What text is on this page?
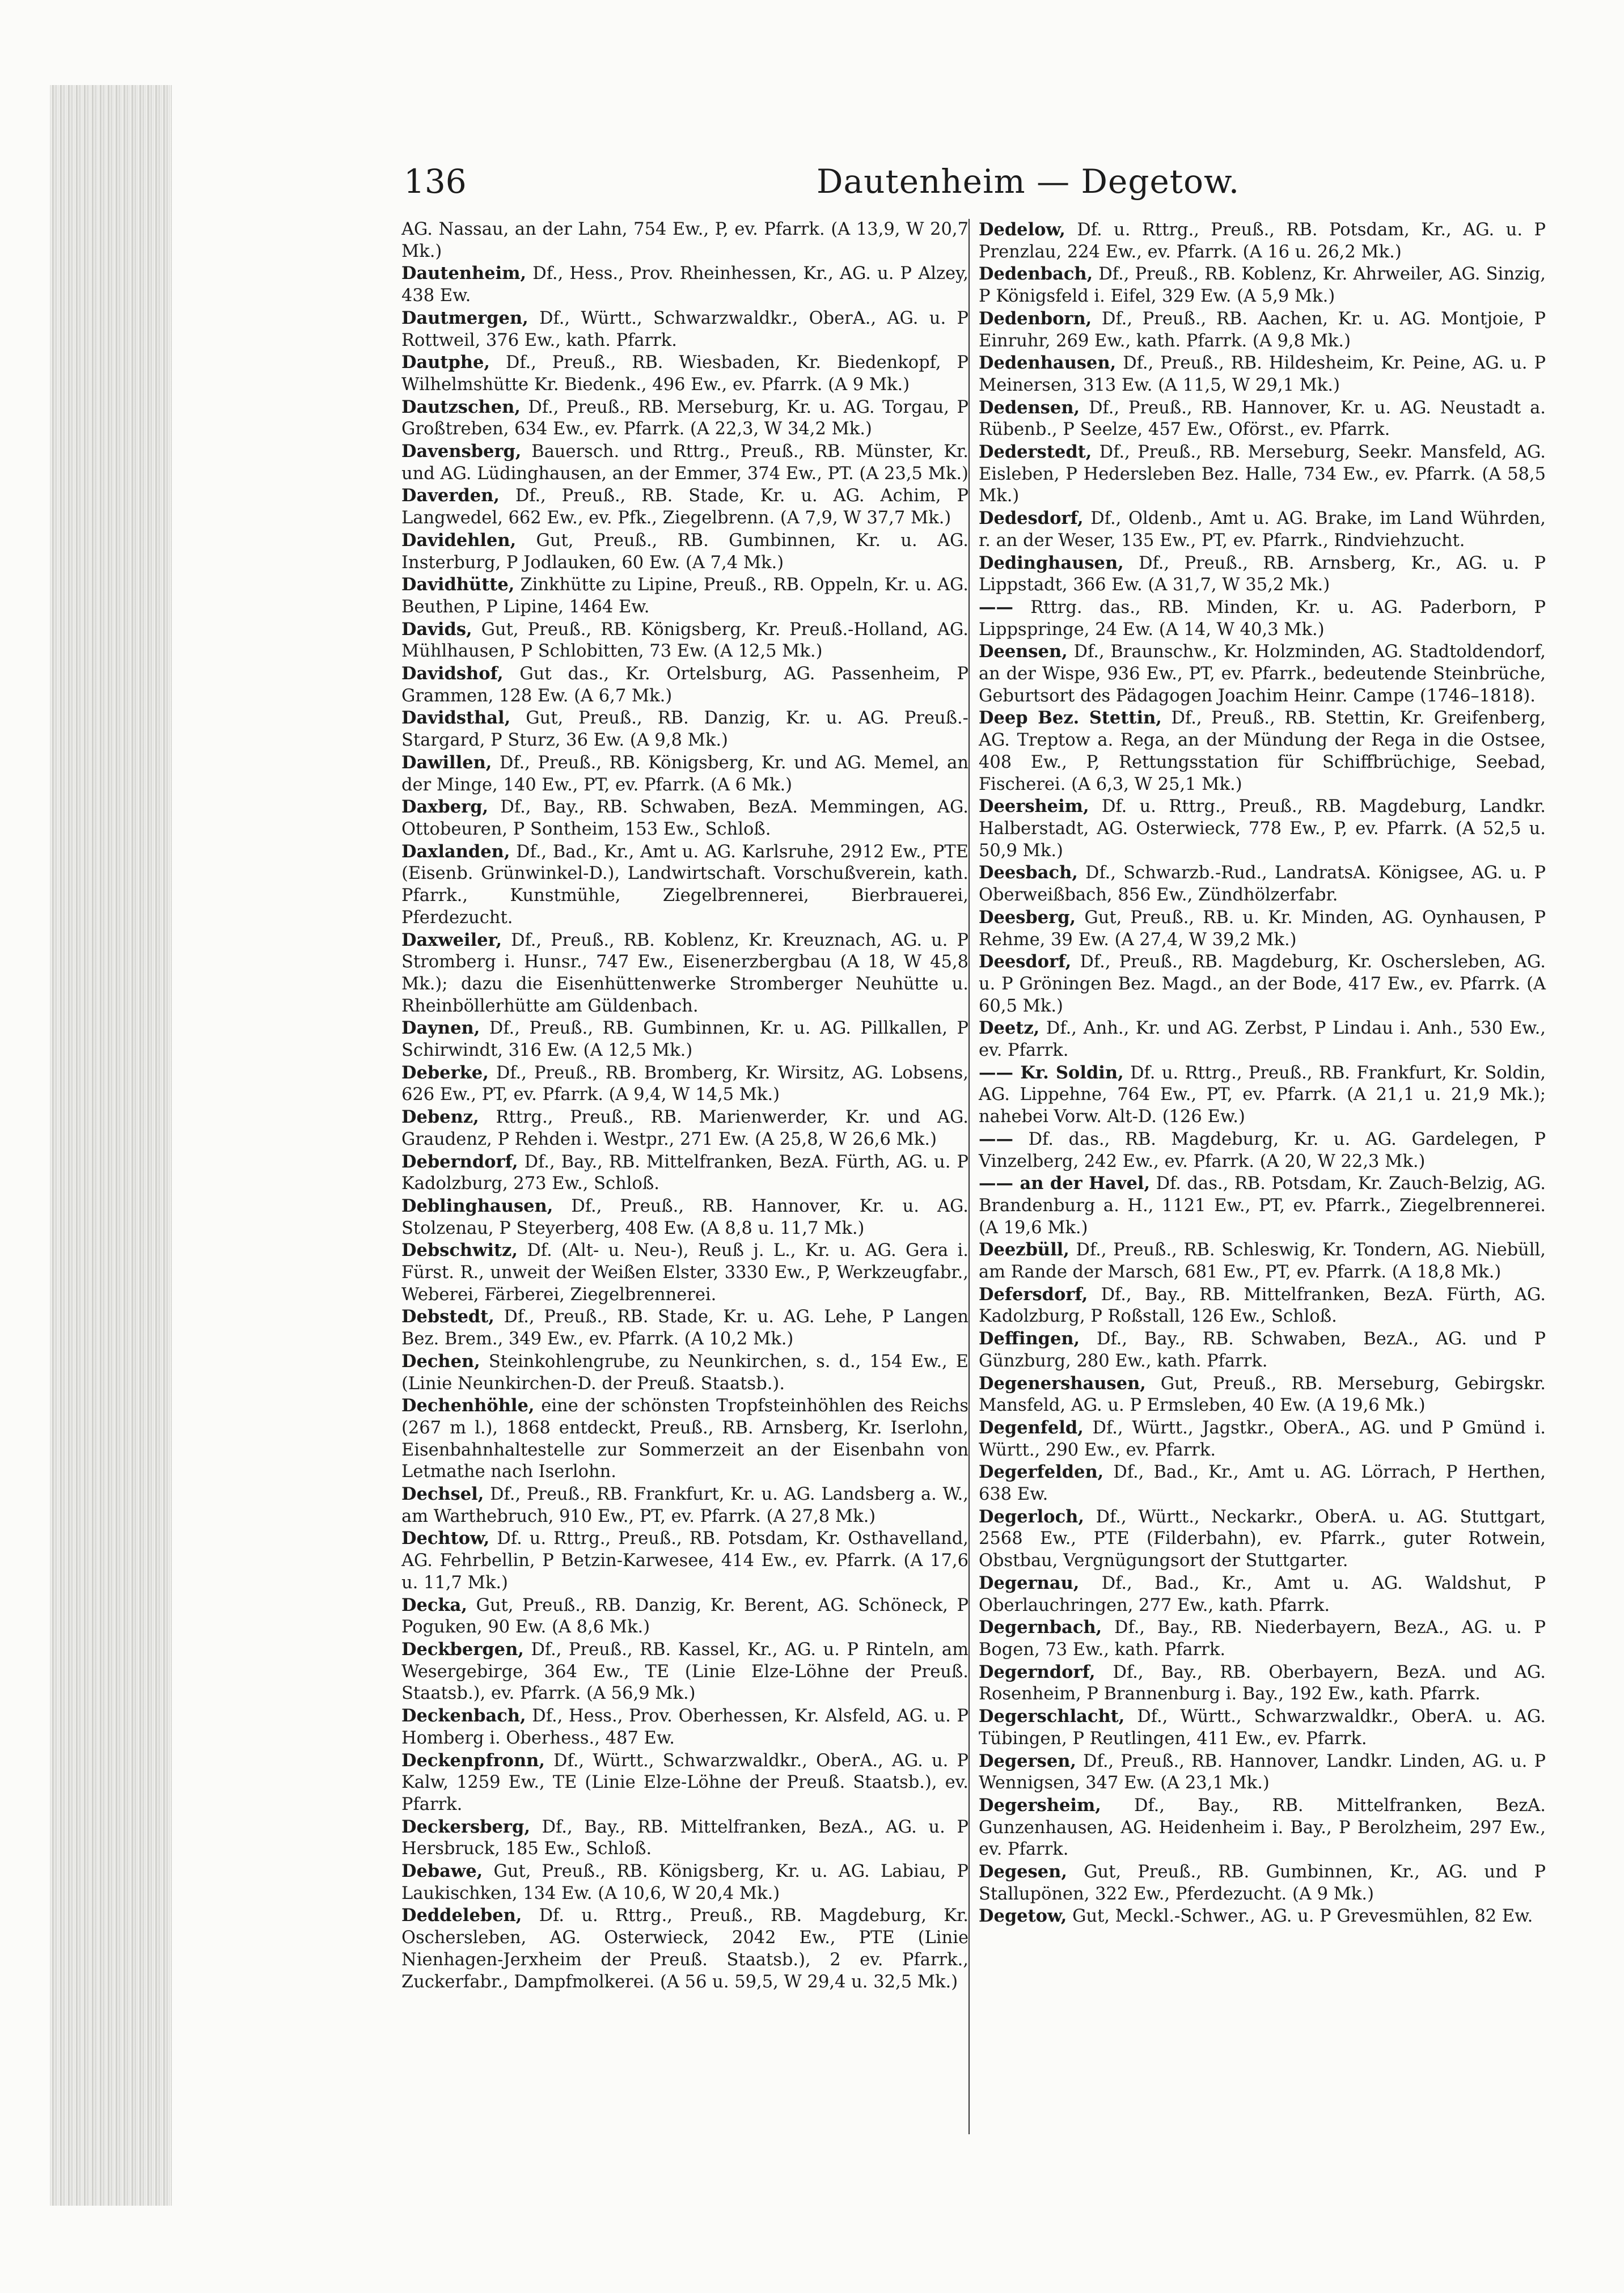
136	Dautenheim — Degetow.

AG. Nassau, an der Lahn, 754 Ew., P, ev. Pfarrk. (A 13,9, W 20,7 Mk.)

Dautenheim, Df., Hess., Prov. Rheinhessen, Kr., AG. u. P Alzey, 438 Ew.

Dautmergen, Df., Württ., Schwarzwaldkr., OberA., AG. u. P Rottweil, 376 Ew., kath. Pfarrk.

Dautphe, Df., Preuß., RB. Wiesbaden, Kr. Biedenkopf, P Wilhelmshütte Kr. Biedenk., 496 Ew., ev. Pfarrk. (A 9 Mk.)

Dautzschen, Df., Preuß., RB. Merseburg, Kr. u. AG. Torgau, P Großtreben, 634 Ew., ev. Pfarrk. (A 22,3, W 34,2 Mk.)

Davensberg, Bauersch. und Rttrg., Preuß., RB. Münster, Kr. und AG. Lüdinghausen, an der Emmer, 374 Ew., PT. (A 23,5 Mk.)

Daverden, Df., Preuß., RB. Stade, Kr. u. AG. Achim, P Langwedel, 662 Ew., ev. Pfk., Ziegelbrenn. (A 7,9, W 37,7 Mk.)

Davidehlen, Gut, Preuß., RB. Gumbinnen, Kr. u. AG. Insterburg, P Jodlauken, 60 Ew. (A 7,4 Mk.)

Davidhütte, Zinkhütte zu Lipine, Preuß., RB. Oppeln, Kr. u. AG. Beuthen, P Lipine, 1464 Ew.

Davids, Gut, Preuß., RB. Königsberg, Kr. Preuß.-Holland, AG. Mühlhausen, P Schlobitten, 73 Ew. (A 12,5 Mk.)

Davidshof, Gut das., Kr. Ortelsburg, AG. Passenheim, P Grammen, 128 Ew. (A 6,7 Mk.)

Davidsthal, Gut, Preuß., RB. Danzig, Kr. u. AG. Preuß.-Stargard, P Sturz, 36 Ew. (A 9,8 Mk.)

Dawillen, Df., Preuß., RB. Königsberg, Kr. und AG. Memel, an der Minge, 140 Ew., PT, ev. Pfarrk. (A 6 Mk.)

Daxberg, Df., Bay., RB. Schwaben, BezA. Memmingen, AG. Ottobeuren, P Sontheim, 153 Ew., Schloß.

Daxlanden, Df., Bad., Kr., Amt u. AG. Karlsruhe, 2912 Ew., PTE (Eisenb. Grünwinkel-D.), Landwirtschaft. Vorschußverein, kath. Pfarrk., Kunstmühle, Ziegelbrennerei, Bierbrauerei, Pferdezucht.

Daxweiler, Df., Preuß., RB. Koblenz, Kr. Kreuznach, AG. u. P Stromberg i. Hunsr., 747 Ew., Eisenerzbergbau (A 18, W 45,8 Mk.); dazu die Eisenhüttenwerke Stromberger Neuhütte u. Rheinböllerhütte am Güldenbach.

Daynen, Df., Preuß., RB. Gumbinnen, Kr. u. AG. Pillkallen, P Schirwindt, 316 Ew. (A 12,5 Mk.)

Deberke, Df., Preuß., RB. Bromberg, Kr. Wirsitz, AG. Lobsens, 626 Ew., PT, ev. Pfarrk. (A 9,4, W 14,5 Mk.)

Debenz, Rttrg., Preuß., RB. Marienwerder, Kr. und AG. Graudenz, P Rehden i. Westpr., 271 Ew. (A 25,8, W 26,6 Mk.)

Deberndorf, Df., Bay., RB. Mittelfranken, BezA. Fürth, AG. u. P Kadolzburg, 273 Ew., Schloß.

Deblinghausen, Df., Preuß., RB. Hannover, Kr. u. AG. Stolzenau, P Steyerberg, 408 Ew. (A 8,8 u. 11,7 Mk.)

Debschwitz, Df. (Alt- u. Neu-), Reuß j. L., Kr. u. AG. Gera i. Fürst. R., unweit der Weißen Elster, 3330 Ew., P, Werkzeugfabr., Weberei, Färberei, Ziegelbrennerei.

Debstedt, Df., Preuß., RB. Stade, Kr. u. AG. Lehe, P Langen Bez. Brem., 349 Ew., ev. Pfarrk. (A 10,2 Mk.)

Dechen, Steinkohlengrube, zu Neunkirchen, s. d., 154 Ew., E (Linie Neunkirchen-D. der Preuß. Staatsb.).

Dechenhöhle, eine der schönsten Tropfsteinhöhlen des Reichs (267 m l.), 1868 entdeckt, Preuß., RB. Arnsberg, Kr. Iserlohn, Eisenbahnhaltestelle zur Sommerzeit an der Eisenbahn von Letmathe nach Iserlohn.

Dechsel, Df., Preuß., RB. Frankfurt, Kr. u. AG. Landsberg a. W., am Warthebruch, 910 Ew., PT, ev. Pfarrk. (A 27,8 Mk.)

Dechtow, Df. u. Rttrg., Preuß., RB. Potsdam, Kr. Osthavelland, AG. Fehrbellin, P Betzin-Karwesee, 414 Ew., ev. Pfarrk. (A 17,6 u. 11,7 Mk.)

Decka, Gut, Preuß., RB. Danzig, Kr. Berent, AG. Schöneck, P Poguken, 90 Ew. (A 8,6 Mk.)

Deckbergen, Df., Preuß., RB. Kassel, Kr., AG. u. P Rinteln, am Wesergebirge, 364 Ew., TE (Linie Elze-Löhne der Preuß. Staatsb.), ev. Pfarrk. (A 56,9 Mk.)

Deckenbach, Df., Hess., Prov. Oberhessen, Kr. Alsfeld, AG. u. P Homberg i. Oberhess., 487 Ew.

Deckenpfronn, Df., Württ., Schwarzwaldkr., OberA., AG. u. P Kalw, 1259 Ew., TE (Linie Elze-Löhne der Preuß. Staatsb.), ev. Pfarrk.

Deckersberg, Df., Bay., RB. Mittelfranken, BezA., AG. u. P Hersbruck, 185 Ew., Schloß.

Debawe, Gut, Preuß., RB. Königsberg, Kr. u. AG. Labiau, P Laukischken, 134 Ew. (A 10,6, W 20,4 Mk.)

Deddeleben, Df. u. Rttrg., Preuß., RB. Magdeburg, Kr. Oschersleben, AG. Osterwieck, 2042 Ew., PTE (Linie Nienhagen-Jerxheim der Preuß. Staatsb.), 2 ev. Pfarrk., Zuckerfabr., Dampfmolkerei. (A 56 u. 59,5, W 29,4 u. 32,5 Mk.)

Dedelow, Df. u. Rttrg., Preuß., RB. Potsdam, Kr., AG. u. P Prenzlau, 224 Ew., ev. Pfarrk. (A 16 u. 26,2 Mk.)

Dedenbach, Df., Preuß., RB. Koblenz, Kr. Ahrweiler, AG. Sinzig, P Königsfeld i. Eifel, 329 Ew. (A 5,9 Mk.)

Dedenborn, Df., Preuß., RB. Aachen, Kr. u. AG. Montjoie, P Einruhr, 269 Ew., kath. Pfarrk. (A 9,8 Mk.)

Dedenhausen, Df., Preuß., RB. Hildesheim, Kr. Peine, AG. u. P Meinersen, 313 Ew. (A 11,5, W 29,1 Mk.)

Dedensen, Df., Preuß., RB. Hannover, Kr. u. AG. Neustadt a. Rübenb., P Seelze, 457 Ew., Oförst., ev. Pfarrk.

Dederstedt, Df., Preuß., RB. Merseburg, Seekr. Mansfeld, AG. Eisleben, P Hedersleben Bez. Halle, 734 Ew., ev. Pfarrk. (A 58,5 Mk.)

Dedesdorf, Df., Oldenb., Amt u. AG. Brake, im Land Wührden, r. an der Weser, 135 Ew., PT, ev. Pfarrk., Rindviehzucht.

Dedinghausen, Df., Preuß., RB. Arnsberg, Kr., AG. u. P Lippstadt, 366 Ew. (A 31,7, W 35,2 Mk.)

—— Rttrg. das., RB. Minden, Kr. u. AG. Paderborn, P Lippspringe, 24 Ew. (A 14, W 40,3 Mk.)

Deensen, Df., Braunschw., Kr. Holzminden, AG. Stadtoldendorf, an der Wispe, 936 Ew., PT, ev. Pfarrk., bedeutende Steinbrüche, Geburtsort des Pädagogen Joachim Heinr. Campe (1746–1818).

Deep Bez. Stettin, Df., Preuß., RB. Stettin, Kr. Greifenberg, AG. Treptow a. Rega, an der Mündung der Rega in die Ostsee, 408 Ew., P, Rettungsstation für Schiffbrüchige, Seebad, Fischerei. (A 6,3, W 25,1 Mk.)

Deersheim, Df. u. Rttrg., Preuß., RB. Magdeburg, Landkr. Halberstadt, AG. Osterwieck, 778 Ew., P, ev. Pfarrk. (A 52,5 u. 50,9 Mk.)

Deesbach, Df., Schwarzb.-Rud., LandratsA. Königsee, AG. u. P Oberweißbach, 856 Ew., Zündhölzerfabr.

Deesberg, Gut, Preuß., RB. u. Kr. Minden, AG. Oynhausen, P Rehme, 39 Ew. (A 27,4, W 39,2 Mk.)

Deesdorf, Df., Preuß., RB. Magdeburg, Kr. Oschersleben, AG. u. P Gröningen Bez. Magd., an der Bode, 417 Ew., ev. Pfarrk. (A 60,5 Mk.)

Deetz, Df., Anh., Kr. und AG. Zerbst, P Lindau i. Anh., 530 Ew., ev. Pfarrk.

—— Kr. Soldin, Df. u. Rttrg., Preuß., RB. Frankfurt, Kr. Soldin, AG. Lippehne, 764 Ew., PT, ev. Pfarrk. (A 21,1 u. 21,9 Mk.); nahebei Vorw. Alt-D. (126 Ew.)

—— Df. das., RB. Magdeburg, Kr. u. AG. Gardelegen, P Vinzelberg, 242 Ew., ev. Pfarrk. (A 20, W 22,3 Mk.)

—— an der Havel, Df. das., RB. Potsdam, Kr. Zauch-Belzig, AG. Brandenburg a. H., 1121 Ew., PT, ev. Pfarrk., Ziegelbrennerei. (A 19,6 Mk.)

Deezbüll, Df., Preuß., RB. Schleswig, Kr. Tondern, AG. Niebüll, am Rande der Marsch, 681 Ew., PT, ev. Pfarrk. (A 18,8 Mk.)

Defersdorf, Df., Bay., RB. Mittelfranken, BezA. Fürth, AG. Kadolzburg, P Roßstall, 126 Ew., Schloß.

Deffingen, Df., Bay., RB. Schwaben, BezA., AG. und P Günzburg, 280 Ew., kath. Pfarrk.

Degenershausen, Gut, Preuß., RB. Merseburg, Gebirgskr. Mansfeld, AG. u. P Ermsleben, 40 Ew. (A 19,6 Mk.)

Degenfeld, Df., Württ., Jagstkr., OberA., AG. und P Gmünd i. Württ., 290 Ew., ev. Pfarrk.

Degerfelden, Df., Bad., Kr., Amt u. AG. Lörrach, P Herthen, 638 Ew.

Degerloch, Df., Württ., Neckarkr., OberA. u. AG. Stuttgart, 2568 Ew., PTE (Filderbahn), ev. Pfarrk., guter Rotwein, Obstbau, Vergnügungsort der Stuttgarter.

Degernau, Df., Bad., Kr., Amt u. AG. Waldshut, P Oberlauchringen, 277 Ew., kath. Pfarrk.

Degernbach, Df., Bay., RB. Niederbayern, BezA., AG. u. P Bogen, 73 Ew., kath. Pfarrk.

Degerndorf, Df., Bay., RB. Oberbayern, BezA. und AG. Rosenheim, P Brannenburg i. Bay., 192 Ew., kath. Pfarrk.

Degerschlacht, Df., Württ., Schwarzwaldkr., OberA. u. AG. Tübingen, P Reutlingen, 411 Ew., ev. Pfarrk.

Degersen, Df., Preuß., RB. Hannover, Landkr. Linden, AG. u. P Wennigsen, 347 Ew. (A 23,1 Mk.)

Degersheim, Df., Bay., RB. Mittelfranken, BezA. Gunzenhausen, AG. Heidenheim i. Bay., P Berolzheim, 297 Ew., ev. Pfarrk.

Degesen, Gut, Preuß., RB. Gumbinnen, Kr., AG. und P Stallupönen, 322 Ew., Pferdezucht. (A 9 Mk.)

Degetow, Gut, Meckl.-Schwer., AG. u. P Grevesmühlen, 82 Ew.
